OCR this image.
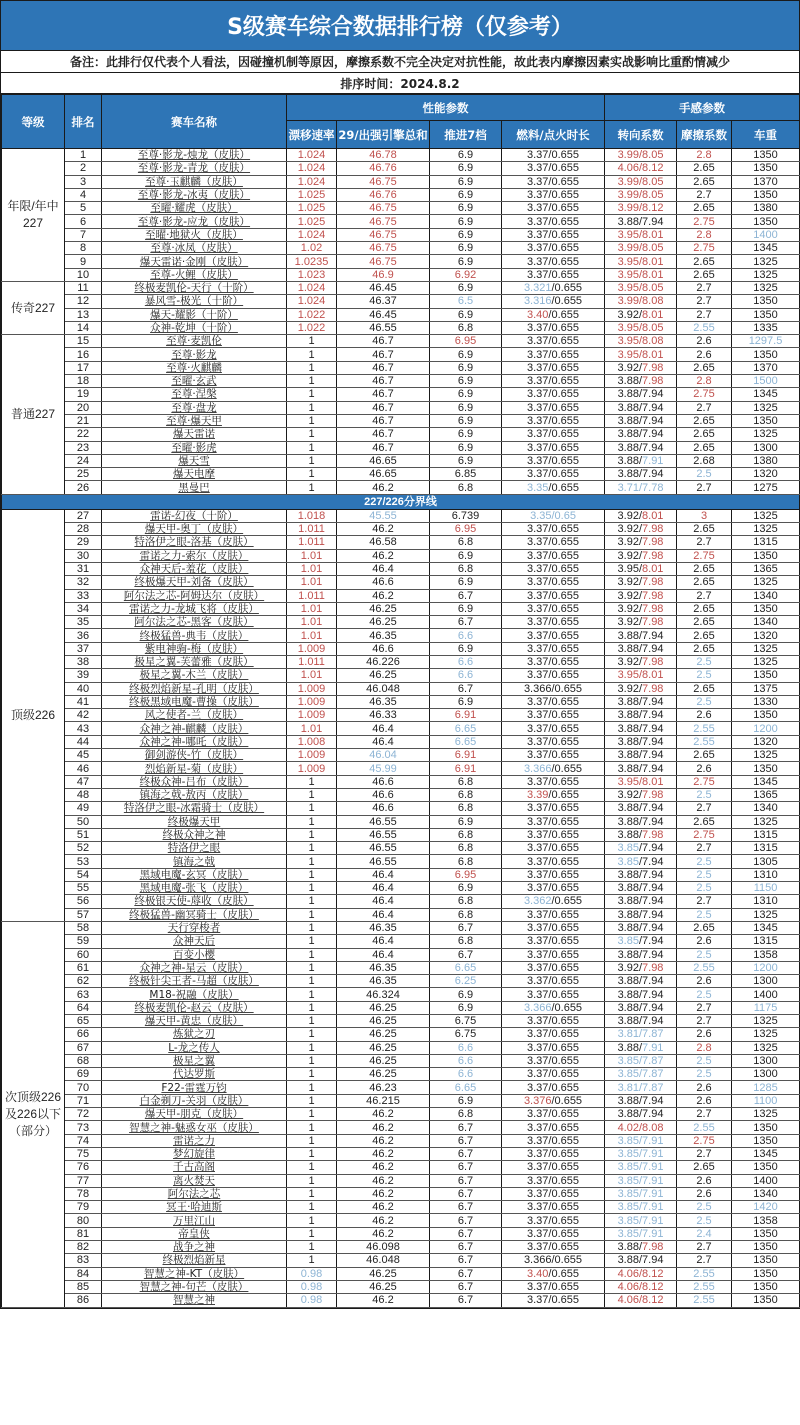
S级赛车综合数据排行榜（仅参考）
备注：此排行仅代表个人看法，因碰撞机制等原因，摩擦系数不完全决定对抗性能，故此表内摩擦因素实战影响比重酌情减少
排序时间：2024.8.2
等级	排名	赛车名称	性能参数				手感参数		
			漂移速率	29/出强引擎总和	推进7档	燃料/点火时长	转向系数	摩擦系数	车重
年限/年中227	1	至尊·影龙-烛龙（皮肤）	1.024	46.78	6.9	3.37/0.655	3.99/8.05	2.8	1350
	2	至尊·影龙-青龙（皮肤）	1.024	46.76	6.9	3.37/0.655	4.06/8.12	2.65	1350
	3	至尊·玉麒麟（皮肤）	1.024	46.75	6.9	3.37/0.655	3.99/8.05	2.65	1370
	4	至尊·影龙-冰夷（皮肤）	1.025	46.76	6.9	3.37/0.655	3.99/8.05	2.7	1350
	5	至曜·耀虎（皮肤）	1.025	46.75	6.9	3.37/0.655	3.99/8.12	2.65	1380
	6	至尊·影龙-应龙（皮肤）	1.025	46.75	6.9	3.37/0.655	3.88/7.94	2.75	1350
	7	至曜·地狱火（皮肤）	1.024	46.75	6.9	3.37/0.655	3.95/8.01	2.8	1400
	8	至尊·冰凤（皮肤）	1.02	46.75	6.9	3.37/0.655	3.99/8.05	2.75	1345
	9	爆天雷诺·金刚（皮肤）	1.0235	46.75	6.9	3.37/0.655	3.95/8.01	2.65	1325
	10	至尊-火鲤（皮肤）	1.023	46.9	6.92	3.37/0.655	3.95/8.01	2.65	1325
传奇227	11	终极麦凯伦-天行（十阶）	1.024	46.45	6.9	3.321/0.655	3.95/8.05	2.7	1325
	12	暴风雪-极光（十阶）	1.024	46.37	6.5	3.316/0.655	3.99/8.08	2.7	1350
	13	爆天-耀影（十阶）	1.022	46.45	6.9	3.40/0.655	3.92/8.01	2.7	1350
	14	众神-乾坤（十阶）	1.022	46.55	6.8	3.37/0.655	3.95/8.05	2.55	1335
普通227	15	至尊·麦凯伦	1	46.7	6.95	3.37/0.655	3.95/8.08	2.6	1297.5
	16	至尊·影龙	1	46.7	6.9	3.37/0.655	3.95/8.01	2.6	1350
	17	至尊·火麒麟	1	46.7	6.9	3.37/0.655	3.92/7.98	2.65	1370
	18	至曜·玄武	1	46.7	6.9	3.37/0.655	3.88/7.98	2.8	1500
	19	至尊·涅槃	1	46.7	6.9	3.37/0.655	3.88/7.94	2.75	1345
	20	至尊·盘龙	1	46.7	6.9	3.37/0.655	3.88/7.94	2.7	1325
	21	至尊·爆天甲	1	46.7	6.9	3.37/0.655	3.88/7.94	2.65	1350
	22	爆天雷诺	1	46.7	6.9	3.37/0.655	3.88/7.94	2.65	1325
	23	至曜·影虎	1	46.7	6.9	3.37/0.655	3.88/7.94	2.65	1300
	24	爆天雪	1	46.65	6.9	3.37/0.655	3.88/7.91	2.68	1380
	25	爆天电摩	1	46.65	6.85	3.37/0.655	3.88/7.94	2.5	1320
	26	黑曼巴	1	46.2	6.8	3.35/0.655	3.71/7.78	2.7	1275
227/226分界线									
顶级226	27	雷诺-幻夜（十阶）	1.018	45.55	6.739	3.35/0.65	3.92/8.01	3	1325
	28	爆天甲-奥丁（皮肤）	1.011	46.2	6.95	3.37/0.655	3.92/7.98	2.65	1325
	29	特洛伊之眼-洛基（皮肤）	1.011	46.58	6.8	3.37/0.655	3.92/7.98	2.7	1315
	30	雷诺之力-索尔（皮肤）	1.01	46.2	6.9	3.37/0.655	3.92/7.98	2.75	1350
	31	众神天后-羞花（皮肤）	1.01	46.4	6.8	3.37/0.655	3.95/8.01	2.65	1365
	32	终极爆天甲-刘备（皮肤）	1.01	46.6	6.9	3.37/0.655	3.92/7.98	2.65	1325
	33	阿尔法之芯-阿姆达尔（皮肤）	1.011	46.2	6.7	3.37/0.655	3.92/7.98	2.7	1340
	34	雷诺之力-龙城飞将（皮肤）	1.01	46.25	6.9	3.37/0.655	3.92/7.98	2.65	1350
	35	阿尔法之芯-黑客（皮肤）	1.01	46.25	6.7	3.37/0.655	3.92/7.98	2.65	1340
	36	终极猛兽-典韦（皮肤）	1.01	46.35	6.6	3.37/0.655	3.88/7.94	2.65	1320
	37	紫电神驹-梅（皮肤）	1.009	46.6	6.9	3.37/0.655	3.88/7.94	2.65	1325
	38	极星之翼-芙蕾雅（皮肤）	1.011	46.226	6.6	3.37/0.655	3.92/7.98	2.5	1325
	39	极星之翼-木兰（皮肤）	1.01	46.25	6.6	3.37/0.655	3.95/8.01	2.5	1350
	40	终极烈焰新星-孔明（皮肤）	1.009	46.048	6.7	3.366/0.655	3.92/7.98	2.65	1375
	41	终极黑域电魔-曹操（皮肤）	1.009	46.35	6.9	3.37/0.655	3.88/7.94	2.5	1330
	42	风之使者-兰（皮肤）	1.009	46.33	6.91	3.37/0.655	3.88/7.94	2.6	1350
	43	众神之神-麒麟（皮肤）	1.01	46.4	6.65	3.37/0.655	3.88/7.94	2.55	1200
	44	众神之神-哪吒（皮肤）	1.008	46.4	6.65	3.37/0.655	3.88/7.94	2.55	1320
	45	御剑游侠-竹（皮肤）	1.009	46.04	6.91	3.37/0.655	3.88/7.94	2.65	1325
	46	烈焰新星-菊（皮肤）	1.009	45.99	6.91	3.366/0.655	3.88/7.94	2.6	1350
	47	终极众神-吕布（皮肤）	1	46.6	6.8	3.37/0.655	3.95/8.01	2.75	1345
	48	镇海之戟-敖丙（皮肤）	1	46.6	6.8	3.39/0.655	3.92/7.98	2.5	1365
	49	特洛伊之眼-冰霜骑士（皮肤）	1	46.6	6.8	3.37/0.655	3.88/7.94	2.7	1340
	50	终极爆天甲	1	46.55	6.9	3.37/0.655	3.88/7.94	2.65	1325
	51	终极众神之神	1	46.55	6.8	3.37/0.655	3.88/7.98	2.75	1315
	52	特洛伊之眼	1	46.55	6.8	3.37/0.655	3.85/7.94	2.7	1315
	53	镇海之戟	1	46.55	6.8	3.37/0.655	3.85/7.94	2.5	1305
	54	黑域电魔-玄冥（皮肤）	1	46.4	6.95	3.37/0.655	3.88/7.94	2.5	1310
	55	黑域电魔-张飞（皮肤）	1	46.4	6.9	3.37/0.655	3.88/7.94	2.5	1150
	56	终极银天使-蓐收（皮肤）	1	46.4	6.8	3.362/0.655	3.88/7.94	2.7	1310
	57	终极猛兽-幽冥骑士（皮肤）	1	46.4	6.8	3.37/0.655	3.88/7.94	2.5	1325
次顶级226及226以下（部分）	58	天行穿梭者	1	46.35	6.7	3.37/0.655	3.88/7.94	2.65	1345
	59	众神天后	1	46.4	6.8	3.37/0.655	3.85/7.94	2.6	1315
	60	百变小樱	1	46.4	6.7	3.37/0.655	3.88/7.94	2.5	1358
	61	众神之神-星云（皮肤）	1	46.35	6.65	3.37/0.655	3.92/7.98	2.55	1200
	62	终极针尖王者-马超（皮肤）	1	46.35	6.25	3.37/0.655	3.88/7.94	2.6	1300
	63	M18-祝融（皮肤）	1	46.324	6.9	3.37/0.655	3.88/7.94	2.5	1400
	64	终极麦凯伦-赵云（皮肤）	1	46.25	6.9	3.366/0.655	3.88/7.94	2.7	1175
	65	爆天甲-黄忠（皮肤）	1	46.25	6.75	3.37/0.655	3.88/7.94	2.7	1325
	66	炼狱之刃	1	46.25	6.75	3.37/0.655	3.81/7.87	2.6	1325
	67	L-龙之传人	1	46.25	6.6	3.37/0.655	3.88/7.91	2.8	1325
	68	极星之翼	1	46.25	6.6	3.37/0.655	3.85/7.87	2.5	1300
	69	代达罗斯	1	46.25	6.6	3.37/0.655	3.85/7.87	2.5	1300
	70	F22-雷霆万钧	1	46.23	6.65	3.37/0.655	3.81/7.87	2.6	1285
	71	白金剃刀-关羽（皮肤）	1	46.215	6.9	3.376/0.655	3.88/7.94	2.6	1100
	72	爆天甲-朋克（皮肤）	1	46.2	6.8	3.37/0.655	3.88/7.94	2.7	1325
	73	智慧之神-魅惑女巫（皮肤）	1	46.2	6.7	3.37/0.655	4.02/8.08	2.55	1350
	74	雷诺之力	1	46.2	6.7	3.37/0.655	3.85/7.91	2.75	1350
	75	梦幻旋律	1	46.2	6.7	3.37/0.655	3.85/7.91	2.7	1345
	76	千古高阁	1	46.2	6.7	3.37/0.655	3.85/7.91	2.65	1350
	77	离火焚天	1	46.2	6.7	3.37/0.655	3.85/7.91	2.6	1400
	78	阿尔法之芯	1	46.2	6.7	3.37/0.655	3.85/7.91	2.6	1340
	79	冥王·哈迪斯	1	46.2	6.7	3.37/0.655	3.85/7.91	2.5	1420
	80	万里江山	1	46.2	6.7	3.37/0.655	3.85/7.91	2.5	1358
	81	帝皇侠	1	46.2	6.7	3.37/0.655	3.85/7.91	2.4	1350
	82	战争之神	1	46.098	6.7	3.37/0.655	3.88/7.98	2.7	1350
	83	终极烈焰新星	1	46.048	6.7	3.366/0.655	3.88/7.94	2.7	1350
	84	智慧之神-KT（皮肤）	0.98	46.25	6.7	3.40/0.655	4.06/8.12	2.55	1350
	85	智慧之神-句芒（皮肤）	0.98	46.25	6.7	3.37/0.655	4.06/8.12	2.55	1350
	86	智慧之神	0.98	46.2	6.7	3.37/0.655	4.06/8.12	2.55	1350
